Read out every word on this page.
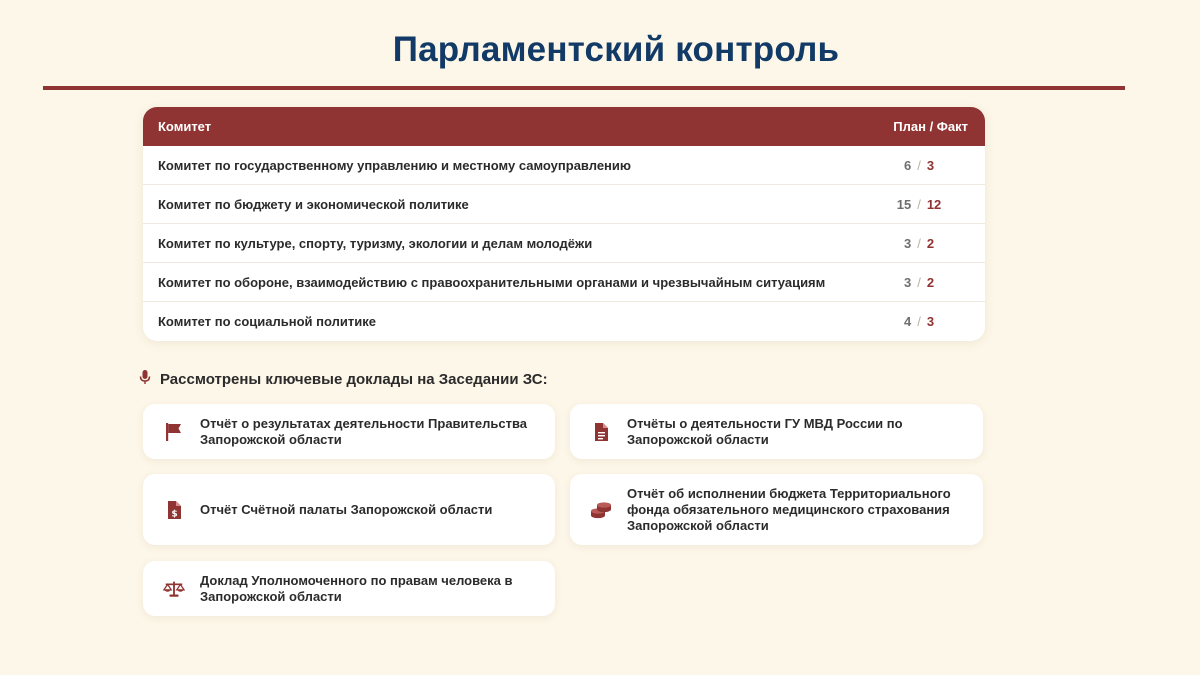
Парламентский контроль
Комитет	План / Факт
Комитет по государственному управлению и местному самоуправлению	6 / 3
Комитет по бюджету и экономической политике	15 / 12
Комитет по культуре, спорту, туризму, экологии и делам молодёжи	3 / 2
Комитет по обороне, взаимодействию с правоохранительными органами и чрезвычайным ситуациям	3 / 2
Комитет по социальной политике	4 / 3
Рассмотрены ключевые доклады на Заседании ЗС:
Отчёт о результатах деятельности Правительства Запорожской области
Отчёты о деятельности ГУ МВД России по Запорожской области
$ Отчёт Счётной палаты Запорожской области
Отчёт об исполнении бюджета Территориального фонда обязательного медицинского страхования Запорожской области
Доклад Уполномоченного по правам человека в Запорожской области
